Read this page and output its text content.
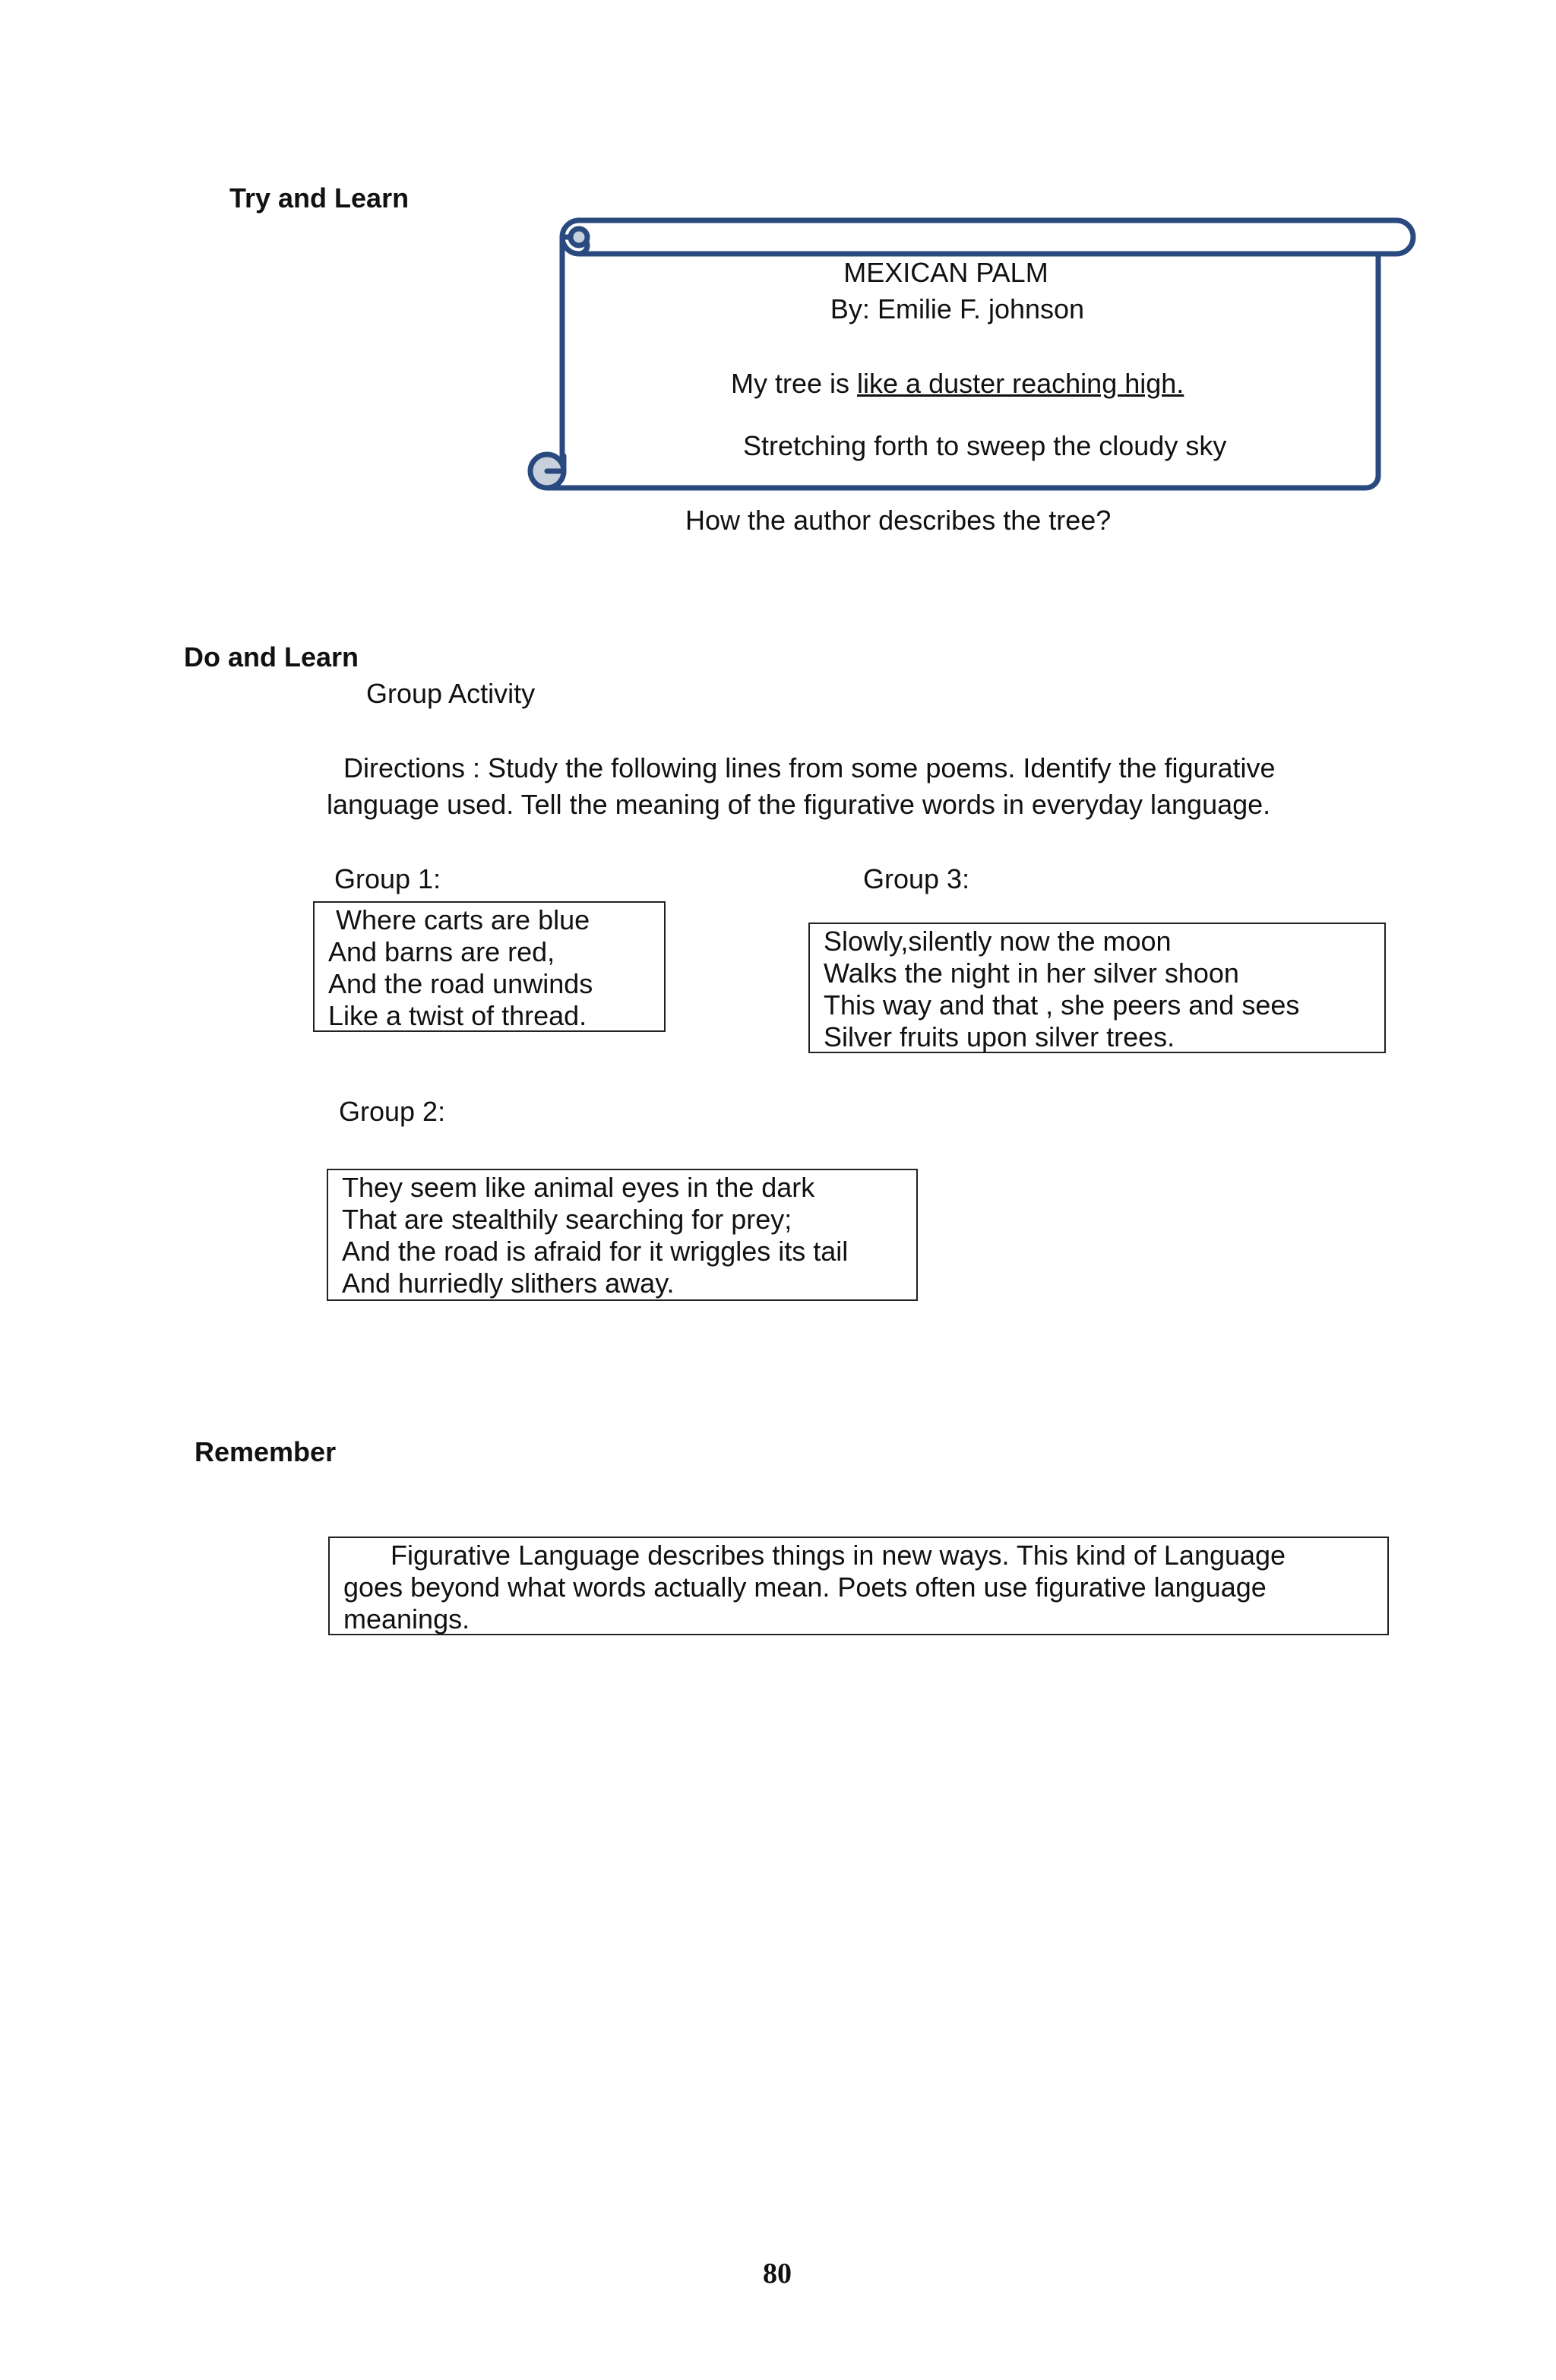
Try and Learn
MEXICAN PALM
By: Emilie F. johnson
My tree is like a duster reaching high.
Stretching forth to sweep the cloudy sky
How the author describes the tree?
Do and Learn
Group Activity
Directions : Study the following lines from some poems. Identify the figurative
language used. Tell the meaning of the figurative words in everyday language.
Group 1:
Where carts are blue
And barns are red,
And the road unwinds
Like a twist of thread.
Group 3:
Slowly,silently now the moon
Walks the night in her silver shoon
This way and that , she peers and sees
Silver fruits upon silver trees.
Group 2:
They seem like animal eyes in the dark
That are stealthily searching for prey;
And the road is afraid for it wriggles its tail
And hurriedly slithers away.
Remember
Figurative Language describes things in new ways. This kind of Language
goes beyond what words actually mean. Poets often use figurative language
meanings.
80
